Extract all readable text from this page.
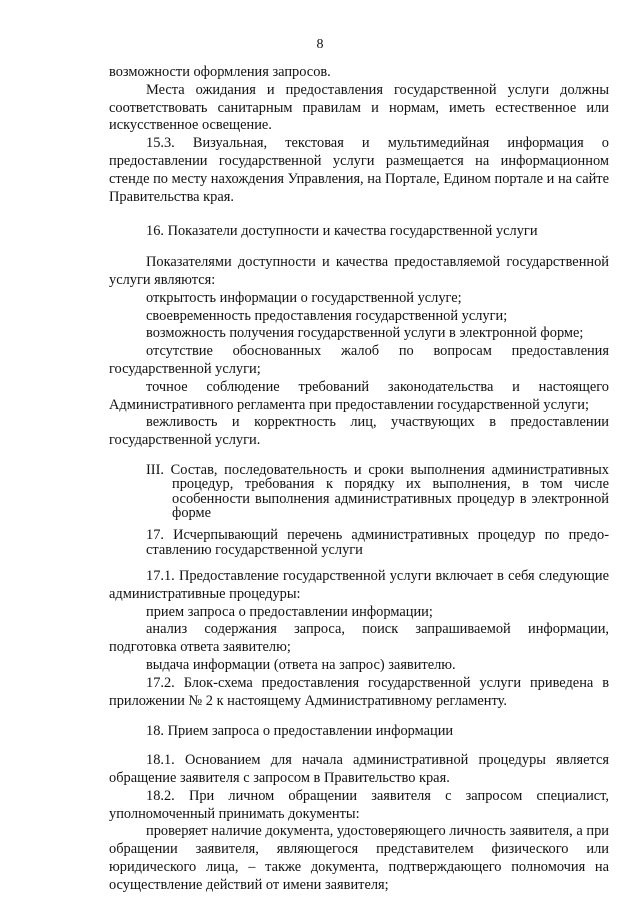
8

возможности оформления запросов.

Места ожидания и предоставления государственной услуги должны соответствовать санитарным правилам и нормам, иметь естественное или искусственное освещение.

15.3. Визуальная, текстовая и мультимедийная информация о предоставлении государственной услуги размещается на информационном стенде по месту нахождения Управления, на Портале, Едином портале и на сайте Правительства края.

16. Показатели доступности и качества государственной услуги

Показателями доступности и качества предоставляемой государственной услуги являются:

открытость информации о государственной услуге;

своевременность предоставления государственной услуги;

возможность получения государственной услуги в электронной форме;

отсутствие обоснованных жалоб по вопросам предоставления государственной услуги;

точное соблюдение требований законодательства и настоящего Административного регламента при предоставлении государственной услуги;

вежливость и корректность лиц, участвующих в предоставлении государственной услуги.

III. Состав, последовательность и сроки выполнения административных процедур, требования к порядку их выполнения, в том числе особенности выполнения административных процедур в электронной форме

17. Исчерпывающий перечень административных процедур по предо-
ставлению государственной услуги

17.1. Предоставление государственной услуги включает в себя следующие административные процедуры:

прием запроса о предоставлении информации;

анализ содержания запроса, поиск запрашиваемой информации, подготовка ответа заявителю;

выдача информации (ответа на запрос) заявителю.

17.2. Блок-схема предоставления государственной услуги приведена в приложении № 2 к настоящему Административному регламенту.

18. Прием запроса о предоставлении информации

18.1. Основанием для начала административной процедуры является обращение заявителя с запросом в Правительство края.

18.2. При личном обращении заявителя с запросом специалист, уполномоченный принимать документы:

проверяет наличие документа, удостоверяющего личность заявителя, а при обращении заявителя, являющегося представителем физического или юридического лица, – также документа, подтверждающего полномочия на осуществление действий от имени заявителя;
